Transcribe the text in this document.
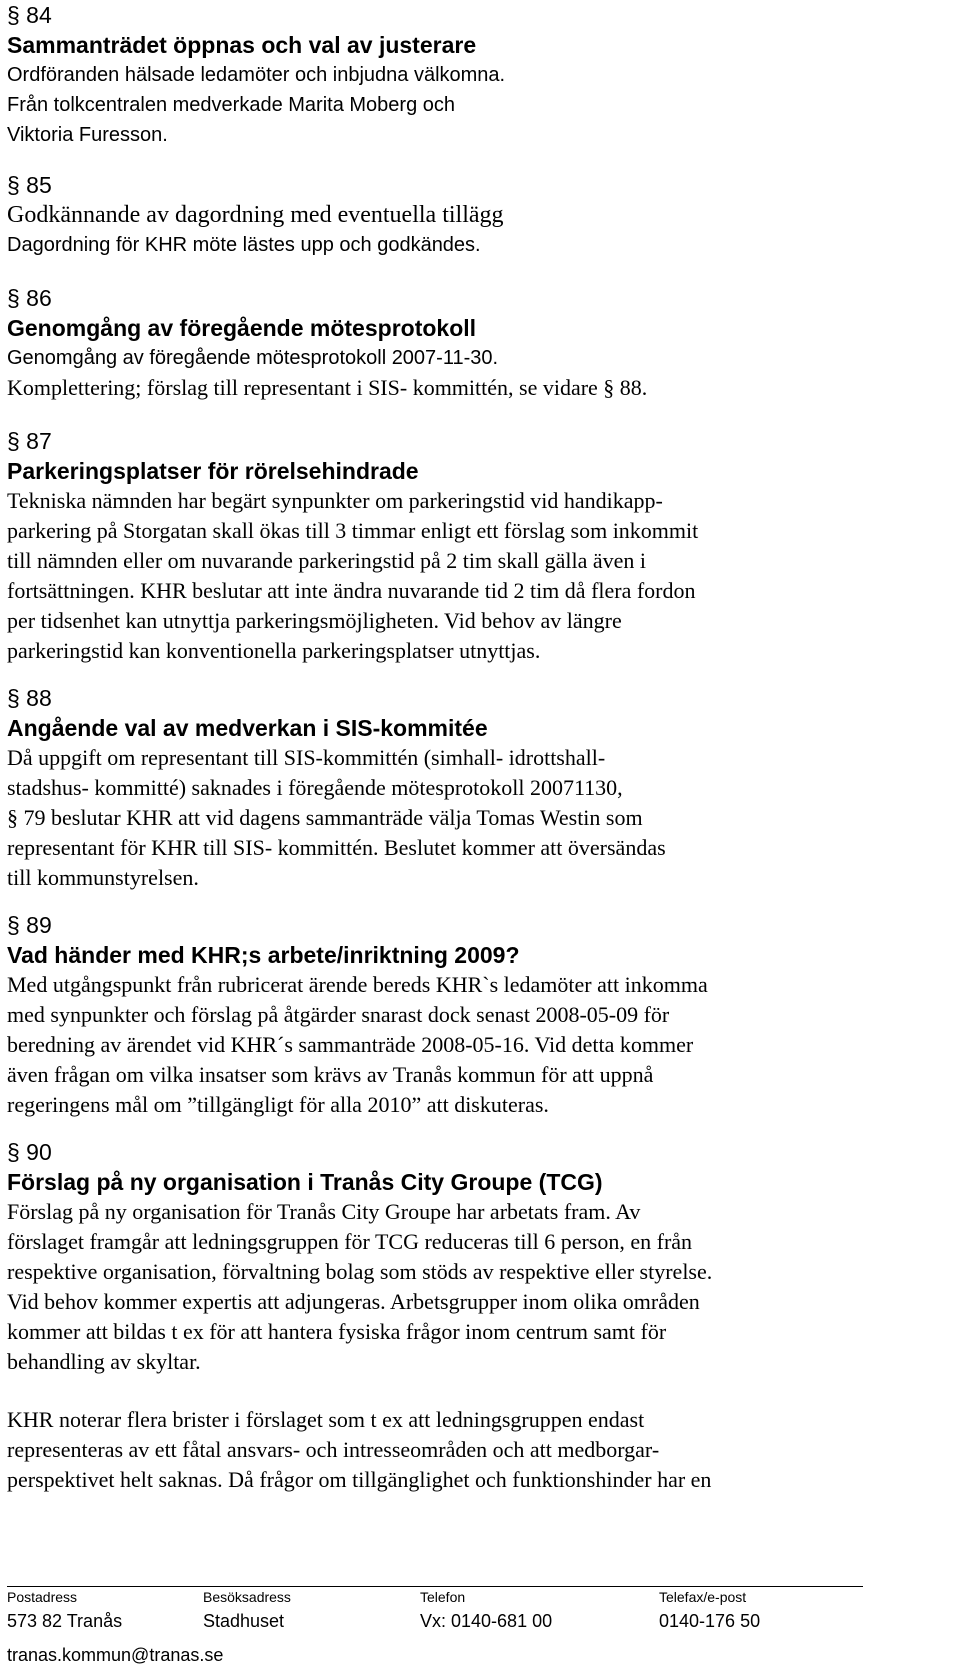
§ 84
Sammanträdet öppnas och val av justerare
Ordföranden hälsade ledamöter och inbjudna välkomna.
Från tolkcentralen medverkade Marita Moberg och
Viktoria Furesson.
§ 85
Godkännande av dagordning med eventuella tillägg
Dagordning för KHR möte lästes upp och godkändes.
§ 86
Genomgång av föregående mötesprotokoll
Genomgång av föregående mötesprotokoll 2007-11-30.
Komplettering; förslag till representant i SIS- kommittén, se vidare § 88.
§ 87
Parkeringsplatser för rörelsehindrade
Tekniska nämnden har begärt synpunkter om parkeringstid vid handikapp-
parkering på Storgatan skall ökas till 3 timmar enligt ett förslag som inkommit
till nämnden eller om nuvarande parkeringstid på 2 tim skall gälla även i
fortsättningen. KHR beslutar att inte ändra nuvarande tid 2 tim då flera fordon
per tidsenhet kan utnyttja parkeringsmöjligheten. Vid behov av längre
parkeringstid kan konventionella parkeringsplatser utnyttjas.
§ 88
Angående val av medverkan i SIS-kommitée
Då uppgift om representant till SIS-kommittén (simhall- idrottshall-
stadshus- kommitté) saknades i föregående mötesprotokoll 20071130,
§ 79 beslutar KHR att vid dagens sammanträde välja Tomas Westin som
representant för KHR till SIS- kommittén. Beslutet kommer att översändas
till kommunstyrelsen.
§ 89
Vad händer med KHR;s arbete/inriktning 2009?
Med utgångspunkt från rubricerat ärende bereds KHR`s ledamöter att inkomma
med synpunkter och förslag på åtgärder snarast dock senast 2008-05-09 för
beredning av ärendet vid KHR´s sammanträde 2008-05-16. Vid detta kommer
även frågan om vilka insatser som krävs av Tranås kommun för att uppnå
regeringens mål om ”tillgängligt för alla 2010” att diskuteras.
§ 90
Förslag på ny organisation i Tranås City Groupe (TCG)
Förslag på ny organisation för Tranås City Groupe har arbetats fram. Av
förslaget framgår att ledningsgruppen för TCG reduceras till 6 person, en från
respektive organisation, förvaltning bolag som stöds av respektive eller styrelse.
Vid behov kommer expertis att adjungeras. Arbetsgrupper inom olika områden
kommer att bildas t ex för att hantera fysiska frågor inom centrum samt för
behandling av skyltar.
KHR noterar flera brister i förslaget som t ex att ledningsgruppen endast
representeras av ett fåtal ansvars- och intresseområden och att medborgar-
perspektivet helt saknas. Då frågor om tillgänglighet och funktionshinder har en
Postadress
573 82 Tranås
Besöksadress
Stadhuset
Telefon
Vx: 0140-681 00
Telefax/e-post
0140-176 50
tranas.kommun@tranas.se
